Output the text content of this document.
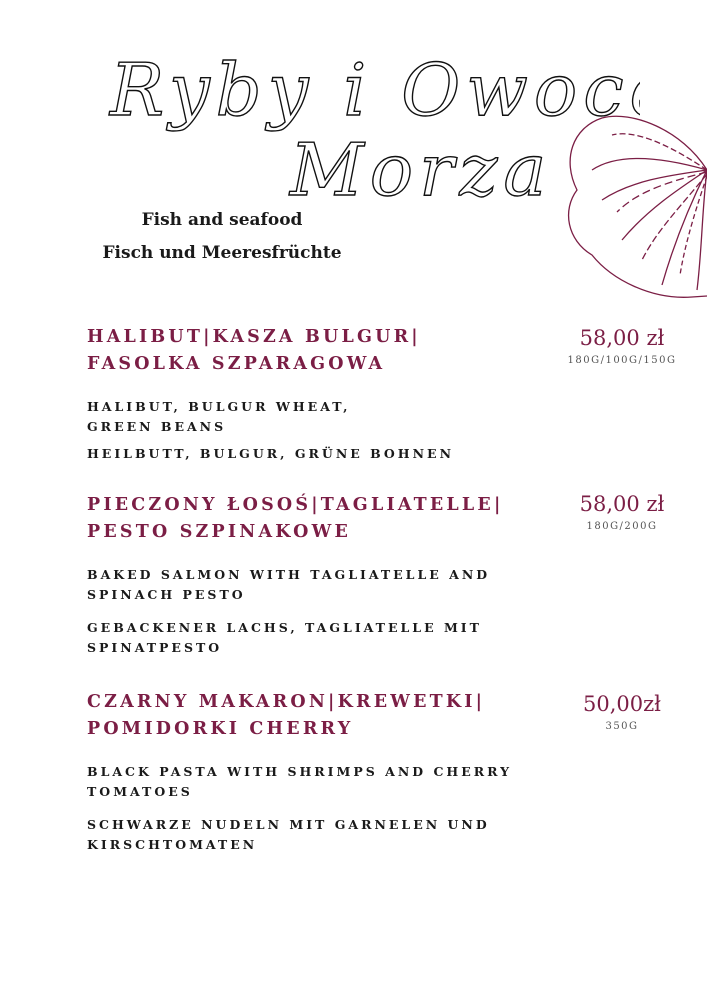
Ryby i Owoce
Morza
Fish and seafood
Fisch und Meeresfrüchte
HALIBUT|KASZA BULGUR|
FASOLKA SZPARAGOWA
58,00 zł
180G/100G/150G
HALIBUT, BULGUR WHEAT,
GREEN BEANS
HEILBUTT, BULGUR, GRÜNE BOHNEN
PIECZONY ŁOSOŚ|TAGLIATELLE|
PESTO SZPINAKOWE
58,00 zł
180G/200G
BAKED SALMON WITH TAGLIATELLE AND
SPINACH PESTO
GEBACKENER LACHS, TAGLIATELLE MIT
SPINATPESTO
CZARNY MAKARON|KREWETKI|
POMIDORKI CHERRY
50,00zł
350G
BLACK PASTA WITH SHRIMPS AND CHERRY
TOMATOES
SCHWARZE NUDELN MIT GARNELEN UND
KIRSCHTOMATEN
